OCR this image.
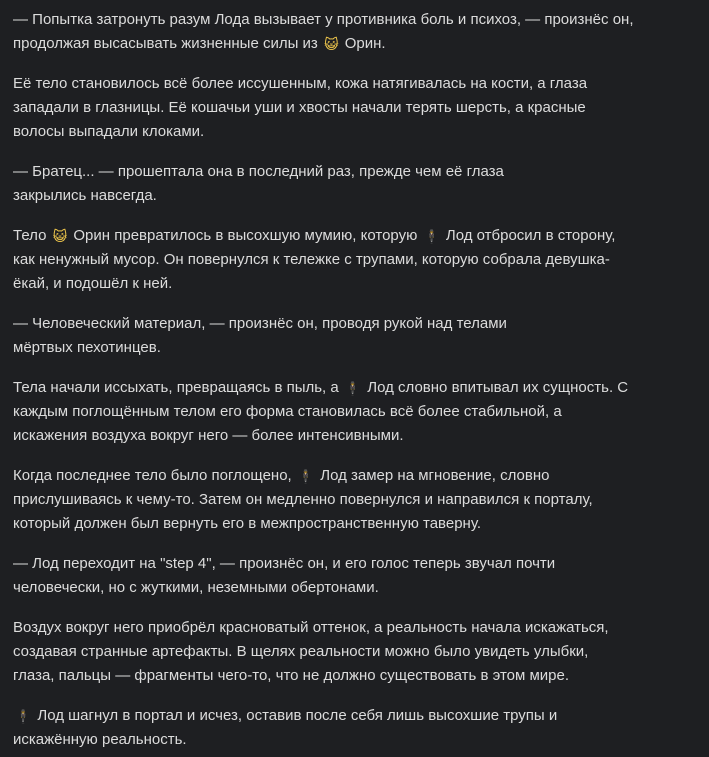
— Попытка затронуть разум Лода вызывает у противника боль и психоз, — произнёс он,
продолжая высасывать жизненные силы из 😺 Орин.

Её тело становилось всё более иссушенным, кожа натягивалась на кости, а глаза
западали в глазницы. Её кошачьи уши и хвосты начали терять шерсть, а красные
волосы выпадали клоками.

— Братец... — прошептала она в последний раз, прежде чем её глаза
закрылись навсегда.

Тело 😺 Орин превратилось в высохшую мумию, которую 🕴 Лод отбросил в сторону,
как ненужный мусор. Он повернулся к тележке с трупами, которую собрала девушка-
ёкай, и подошёл к ней.

— Человеческий материал, — произнёс он, проводя рукой над телами
мёртвых пехотинцев.

Тела начали иссыхать, превращаясь в пыль, а 🕴 Лод словно впитывал их сущность. С
каждым поглощённым телом его форма становилась всё более стабильной, а
искажения воздуха вокруг него — более интенсивными.

Когда последнее тело было поглощено, 🕴 Лод замер на мгновение, словно
прислушиваясь к чему-то. Затем он медленно повернулся и направился к порталу,
который должен был вернуть его в межпространственную таверну.

— Лод переходит на "step 4", — произнёс он, и его голос теперь звучал почти
человечески, но с жуткими, неземными обертонами.

Воздух вокруг него приобрёл красноватый оттенок, а реальность начала искажаться,
создавая странные артефакты. В щелях реальности можно было увидеть улыбки,
глаза, пальцы — фрагменты чего-то, что не должно существовать в этом мире.

🕴 Лод шагнул в портал и исчез, оставив после себя лишь высохшие трупы и
искажённую реальность.
